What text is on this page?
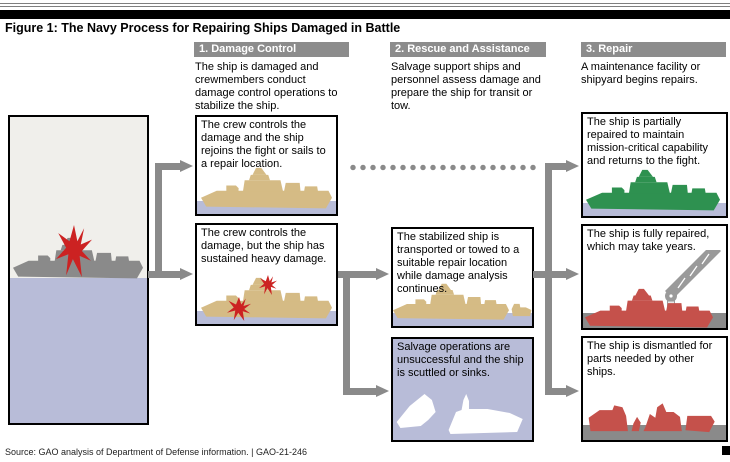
Figure 1: The Navy Process for Repairing Ships Damaged in Battle
1. Damage Control	2. Rescue and Assistance	3. Repair
The ship is damaged and crewmembers conduct damage control operations to stabilize the ship.
Salvage support ships and personnel assess damage and prepare the ship for transit or tow.
A maintenance facility or shipyard begins repairs.
The crew controls the damage and the ship rejoins the fight or sails to a repair location.
The crew controls the damage, but the ship has sustained heavy damage.
The stabilized ship is transported or towed to a suitable repair location while damage analysis continues.
Salvage operations are unsuccessful and the ship is scuttled or sinks.
The ship is partially repaired to maintain mission-critical capability and returns to the fight.
The ship is fully repaired, which may take years.
The ship is dismantled for parts needed by other ships.
Source: GAO analysis of Department of Defense information. | GAO-21-246
